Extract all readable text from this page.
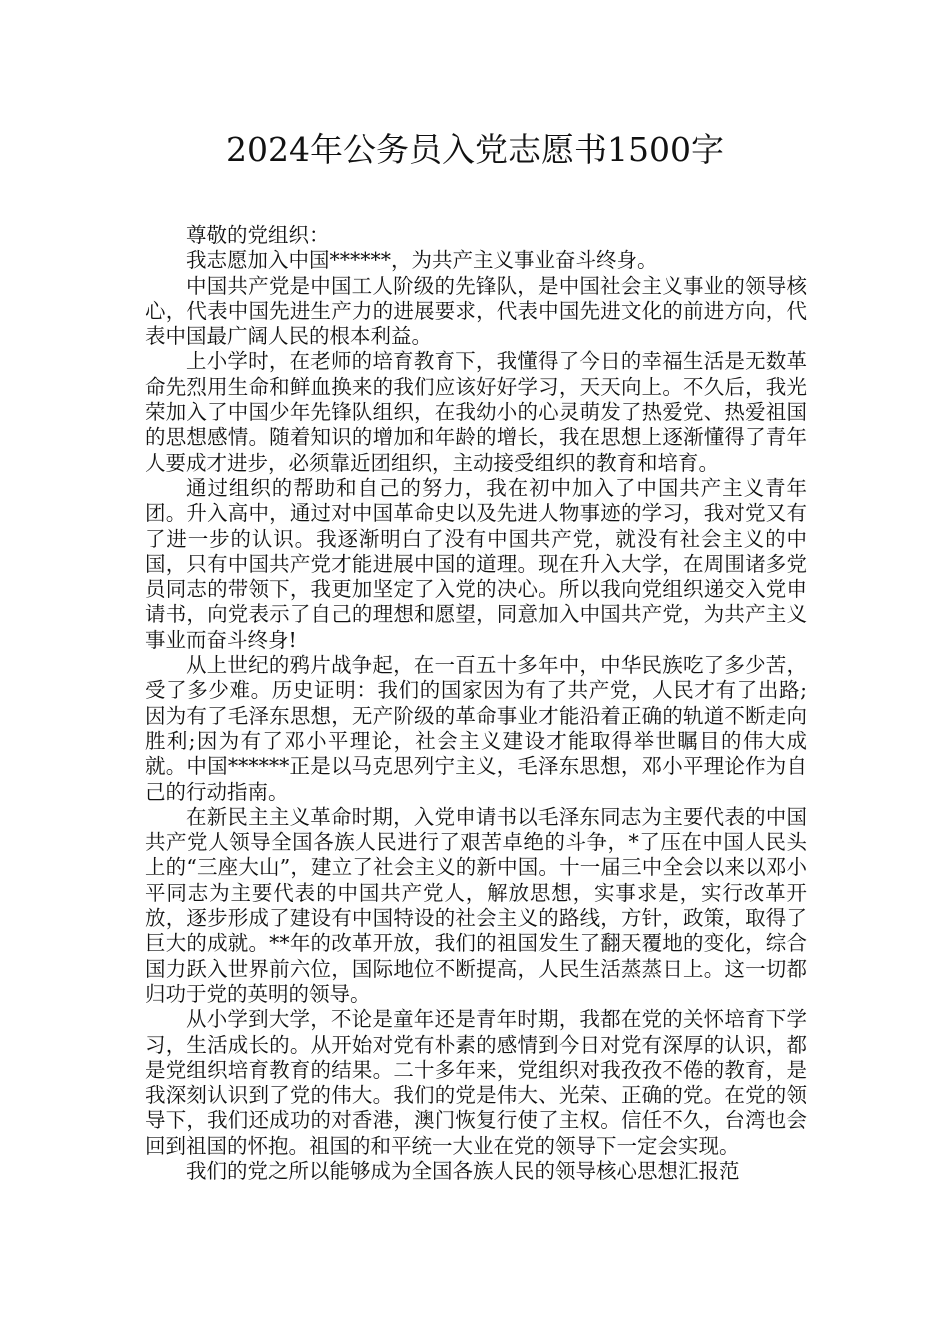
2024年公务员入党志愿书1500字

尊敬的党组织：

我志愿加入中国******，为共产主义事业奋斗终身。

中国共产党是中国工人阶级的先锋队，是中国社会主义事业的领导核心，代表中国先进生产力的进展要求，代表中国先进文化的前进方向，代表中国最广阔人民的根本利益。

上小学时，在老师的培育教育下，我懂得了今日的幸福生活是无数革命先烈用生命和鲜血换来的我们应该好好学习，天天向上。不久后，我光荣加入了中国少年先锋队组织，在我幼小的心灵萌发了热爱党、热爱祖国的思想感情。随着知识的增加和年龄的增长，我在思想上逐渐懂得了青年人要成才进步，必须靠近团组织，主动接受组织的教育和培育。

通过组织的帮助和自己的努力，我在初中加入了中国共产主义青年团。升入高中，通过对中国革命史以及先进人物事迹的学习，我对党又有了进一步的认识。我逐渐明白了没有中国共产党，就没有社会主义的中国，只有中国共产党才能进展中国的道理。现在升入大学，在周围诸多党员同志的带领下，我更加坚定了入党的决心。所以我向党组织递交入党申请书，向党表示了自己的理想和愿望，同意加入中国共产党，为共产主义事业而奋斗终身!

从上世纪的鸦片战争起，在一百五十多年中，中华民族吃了多少苦，受了多少难。历史证明：我们的国家因为有了共产党，人民才有了出路;因为有了毛泽东思想，无产阶级的革命事业才能沿着正确的轨道不断走向胜利;因为有了邓小平理论，社会主义建设才能取得举世瞩目的伟大成就。中国******正是以马克思列宁主义，毛泽东思想，邓小平理论作为自己的行动指南。

在新民主主义革命时期，入党申请书以毛泽东同志为主要代表的中国共产党人领导全国各族人民进行了艰苦卓绝的斗争，*了压在中国人民头上的“三座大山”，建立了社会主义的新中国。十一届三中全会以来以邓小平同志为主要代表的中国共产党人，解放思想，实事求是，实行改革开放，逐步形成了建设有中国特设的社会主义的路线，方针，政策，取得了巨大的成就。**年的改革开放，我们的祖国发生了翻天覆地的变化，综合国力跃入世界前六位，国际地位不断提高，人民生活蒸蒸日上。这一切都归功于党的英明的领导。

从小学到大学，不论是童年还是青年时期，我都在党的关怀培育下学习，生活成长的。从开始对党有朴素的感情到今日对党有深厚的认识，都是党组织培育教育的结果。二十多年来，党组织对我孜孜不倦的教育，是我深刻认识到了党的伟大。我们的党是伟大、光荣、正确的党。在党的领导下，我们还成功的对香港，澳门恢复行使了主权。信任不久，台湾也会回到祖国的怀抱。祖国的和平统一大业在党的领导下一定会实现。

我们的党之所以能够成为全国各族人民的领导核心思想汇报范
